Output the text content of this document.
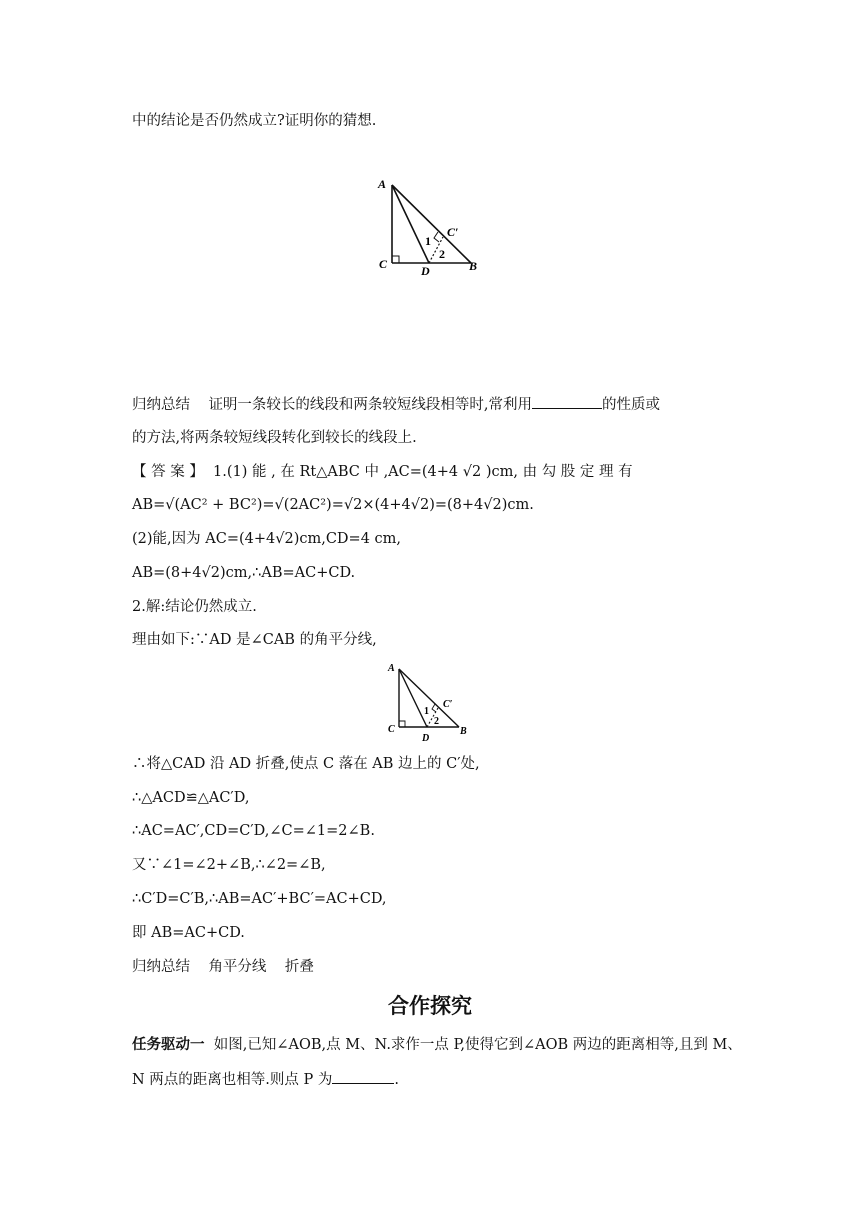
中的结论是否仍然成立?证明你的猜想.
A
C	D	B
C′
1
2
归纳总结 证明一条较长的线段和两条较短线段相等时,常利用	的性质或
的方法,将两条较短线段转化到较长的线段上.
【 答 案 】 1.(1) 能 , 在 Rt△ABC 中 ,AC=(4+4 √2 )cm, 由 勾 股 定 理 有
AB=√(AC² + BC²)=√(2AC²)=√2×(4+4√2)=(8+4√2)cm.
(2)能,因为 AC=(4+4√2)cm,CD=4 cm,
AB=(8+4√2)cm,∴AB=AC+CD.
2.解:结论仍然成立.
理由如下:∵AD 是∠CAB 的角平分线,
A
C
D
B
C′
1
2
∴将△CAD 沿 AD 折叠,使点 C 落在 AB 边上的 C′处,
∴△ACD≌△AC′D,
∴AC=AC′,CD=C′D,∠C=∠1=2∠B.
又∵∠1=∠2+∠B,∴∠2=∠B,
∴C′D=C′B,∴AB=AC′+BC′=AC+CD,
即 AB=AC+CD.
归纳总结 角平分线 折叠
合作探究
任务驱动一 如图,已知∠AOB,点 M、N.求作一点 P,使得它到∠AOB 两边的距离相等,且到 M、
N 两点的距离也相等.则点 P 为	.
